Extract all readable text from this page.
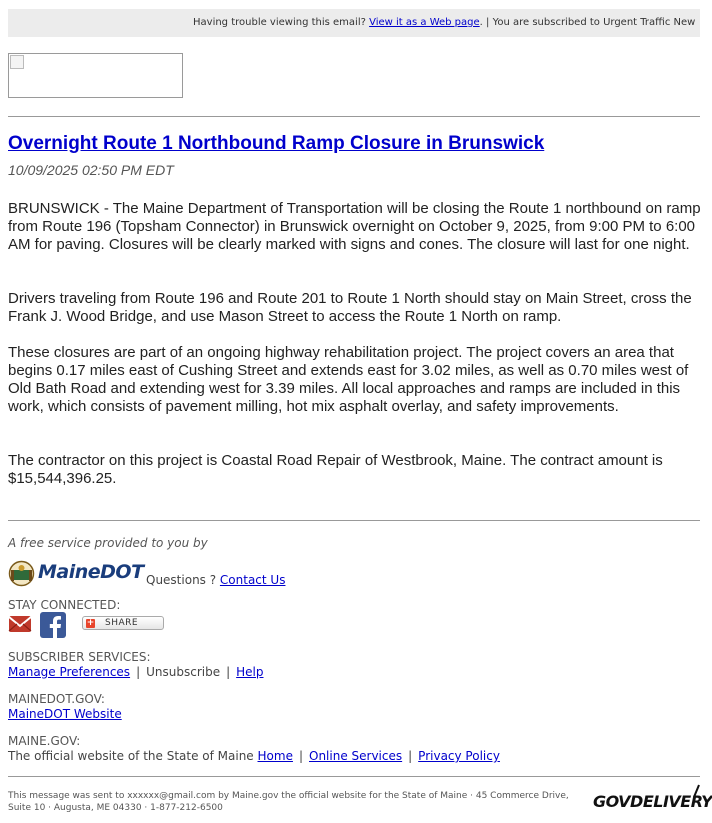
Having trouble viewing this email? View it as a Web page. | You are subscribed to Urgent Traffic New
Overnight Route 1 Northbound Ramp Closure in Brunswick
10/09/2025 02:50 PM EDT

BRUNSWICK - The Maine Department of Transportation will be closing the Route 1 northbound on ramp from Route 196 (Topsham Connector) in Brunswick overnight on October 9, 2025, from 9:00 PM to 6:00 AM for paving. Closures will be clearly marked with signs and cones. The closure will last for one night.

Drivers traveling from Route 196 and Route 201 to Route 1 North should stay on Main Street, cross the Frank J. Wood Bridge, and use Mason Street to access the Route 1 North on ramp.

These closures are part of an ongoing highway rehabilitation project. The project covers an area that begins 0.17 miles east of Cushing Street and extends east for 3.02 miles, as well as 0.70 miles west of Old Bath Road and extending west for 3.39 miles. All local approaches and ramps are included in this work, which consists of pavement milling, hot mix asphalt overlay, and safety improvements.

The contractor on this project is Coastal Road Repair of Westbrook, Maine. The contract amount is $15,544,396.25.

A free service provided to you by
MaineDOT Questions ? Contact Us
STAY CONNECTED:
+ SHARE
SUBSCRIBER SERVICES:
Manage Preferences | Unsubscribe | Help
MAINEDOT.GOV:
MaineDOT Website
MAINE.GOV:
The official website of the State of Maine Home | Online Services | Privacy Policy
This message was sent to xxxxxx@gmail.com by Maine.gov the official website for the State of Maine · 45 Commerce Drive, Suite 10 · Augusta, ME 04330 · 1-877-212-6500	GOVDELIVERY
